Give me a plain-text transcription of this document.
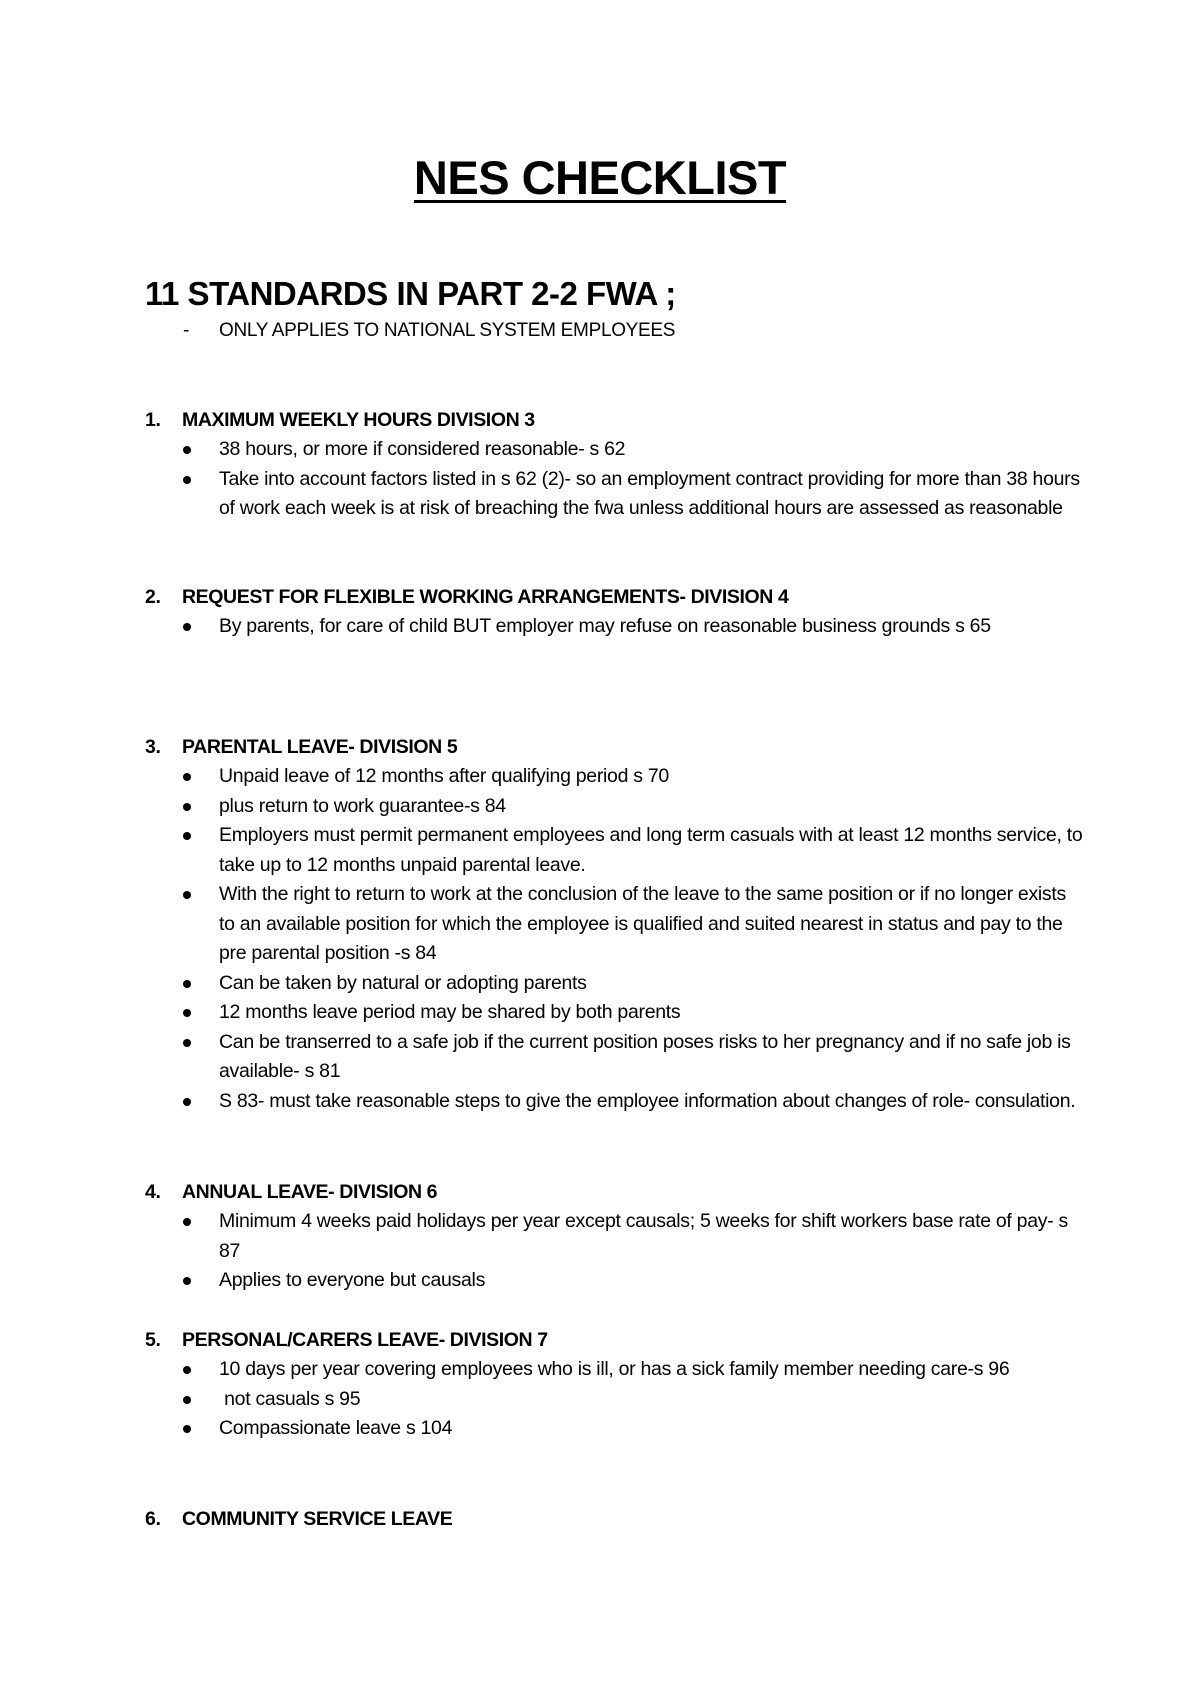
NES CHECKLIST
11 STANDARDS IN PART 2-2 FWA ;
- ONLY APPLIES TO NATIONAL SYSTEM EMPLOYEES
1. MAXIMUM WEEKLY HOURS DIVISION 3
38 hours, or more if considered reasonable- s 62
Take into account factors listed in s 62 (2)- so an employment contract providing for more than 38 hours of work each week is at risk of breaching the fwa unless additional hours are assessed as reasonable
2. REQUEST FOR FLEXIBLE WORKING ARRANGEMENTS- DIVISION 4
By parents, for care of child BUT employer may refuse on reasonable business grounds s 65
3. PARENTAL LEAVE- DIVISION 5
Unpaid leave of 12 months after qualifying period s 70
plus return to work guarantee-s 84
Employers must permit permanent employees and long term casuals with at least 12 months service, to take up to 12 months unpaid parental leave.
With the right to return to work at the conclusion of the leave to the same position or if no longer exists to an available position for which the employee is qualified and suited nearest in status and pay to the pre parental position -s 84
Can be taken by natural or adopting parents
12 months leave period may be shared by both parents
Can be transerred to a safe job if the current position poses risks to her pregnancy and if no safe job is available- s 81
S 83- must take reasonable steps to give the employee information about changes of role- consulation.
4. ANNUAL LEAVE- DIVISION 6
Minimum 4 weeks paid holidays per year except causals; 5 weeks for shift workers base rate of pay- s 87
Applies to everyone but causals
5. PERSONAL/CARERS LEAVE- DIVISION 7
10 days per year covering employees who is ill, or has a sick family member needing care-s 96
not casuals s 95
Compassionate leave s 104
6. COMMUNITY SERVICE LEAVE
